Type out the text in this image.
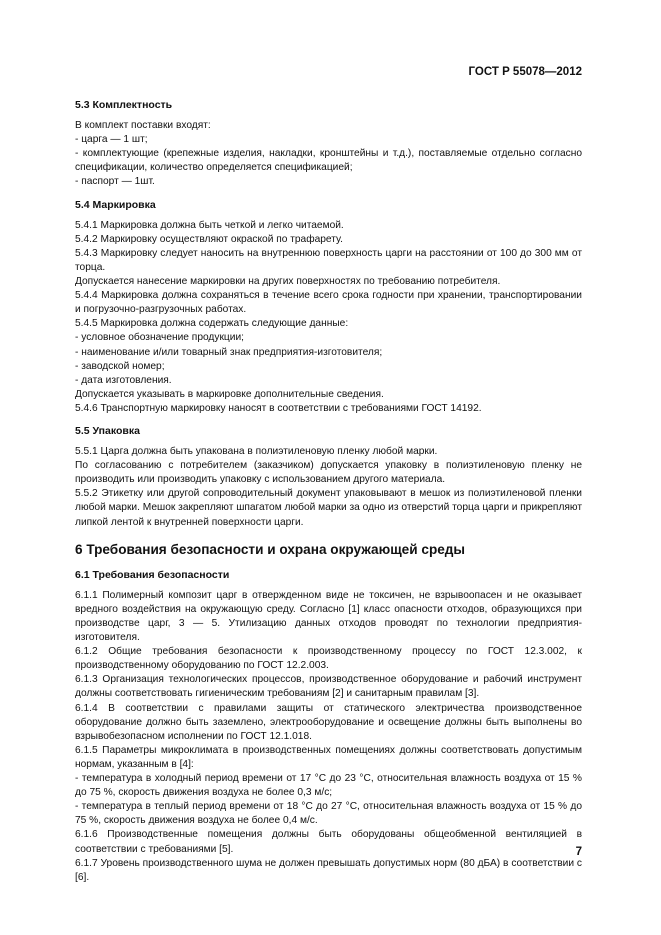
ГОСТ Р 55078—2012
5.3 Комплектность
В комплект поставки входят:
- царга — 1 шт;
- комплектующие (крепежные изделия, накладки, кронштейны и т.д.), поставляемые отдельно согласно спецификации, количество определяется спецификацией;
- паспорт — 1шт.
5.4 Маркировка
5.4.1 Маркировка должна быть четкой и легко читаемой.
5.4.2 Маркировку осуществляют окраской по трафарету.
5.4.3 Маркировку следует наносить на внутреннюю поверхность царги на расстоянии от 100 до 300 мм от торца.
Допускается нанесение маркировки на других поверхностях по требованию потребителя.
5.4.4 Маркировка должна сохраняться в течение всего срока годности при хранении, транспортировании и погрузочно-разгрузочных работах.
5.4.5 Маркировка должна содержать следующие данные:
- условное обозначение продукции;
- наименование и/или товарный знак предприятия-изготовителя;
- заводской номер;
- дата изготовления.
Допускается указывать в маркировке дополнительные сведения.
5.4.6 Транспортную маркировку наносят в соответствии с требованиями ГОСТ 14192.
5.5 Упаковка
5.5.1 Царга должна быть упакована в полиэтиленовую пленку любой марки.
По согласованию с потребителем (заказчиком) допускается упаковку в полиэтиленовую пленку не производить или производить упаковку с использованием другого материала.
5.5.2 Этикетку или другой сопроводительный документ упаковывают в мешок из полиэтиленовой пленки любой марки. Мешок закрепляют шпагатом любой марки за одно из отверстий торца царги и прикрепляют липкой лентой к внутренней поверхности царги.
6 Требования безопасности и охрана окружающей среды
6.1 Требования безопасности
6.1.1 Полимерный композит царг в отвержденном виде не токсичен, не взрывоопасен и не оказывает вредного воздействия на окружающую среду. Согласно [1] класс опасности отходов, образующихся при производстве царг, 3 — 5. Утилизацию данных отходов проводят по технологии предприятия-изготовителя.
6.1.2 Общие требования безопасности к производственному процессу по ГОСТ 12.3.002, к производственному оборудованию по ГОСТ 12.2.003.
6.1.3 Организация технологических процессов, производственное оборудование и рабочий инструмент должны соответствовать гигиеническим требованиям [2] и санитарным правилам [3].
6.1.4 В соответствии с правилами защиты от статического электричества производственное оборудование должно быть заземлено, электрооборудование и освещение должны быть выполнены во взрывобезопасном исполнении по ГОСТ 12.1.018.
6.1.5 Параметры микроклимата в производственных помещениях должны соответствовать допустимым нормам, указанным в [4]:
- температура в холодный период времени от 17 °С до 23 °С, относительная влажность воздуха от 15 % до 75 %, скорость движения воздуха не более 0,3 м/с;
- температура в теплый период времени от 18 °С до 27 °С, относительная влажность воздуха от 15 % до 75 %, скорость движения воздуха не более 0,4 м/с.
6.1.6 Производственные помещения должны быть оборудованы общеобменной вентиляцией в соответствии с требованиями [5].
6.1.7 Уровень производственного шума не должен превышать допустимых норм (80 дБА) в соответствии с [6].
7
